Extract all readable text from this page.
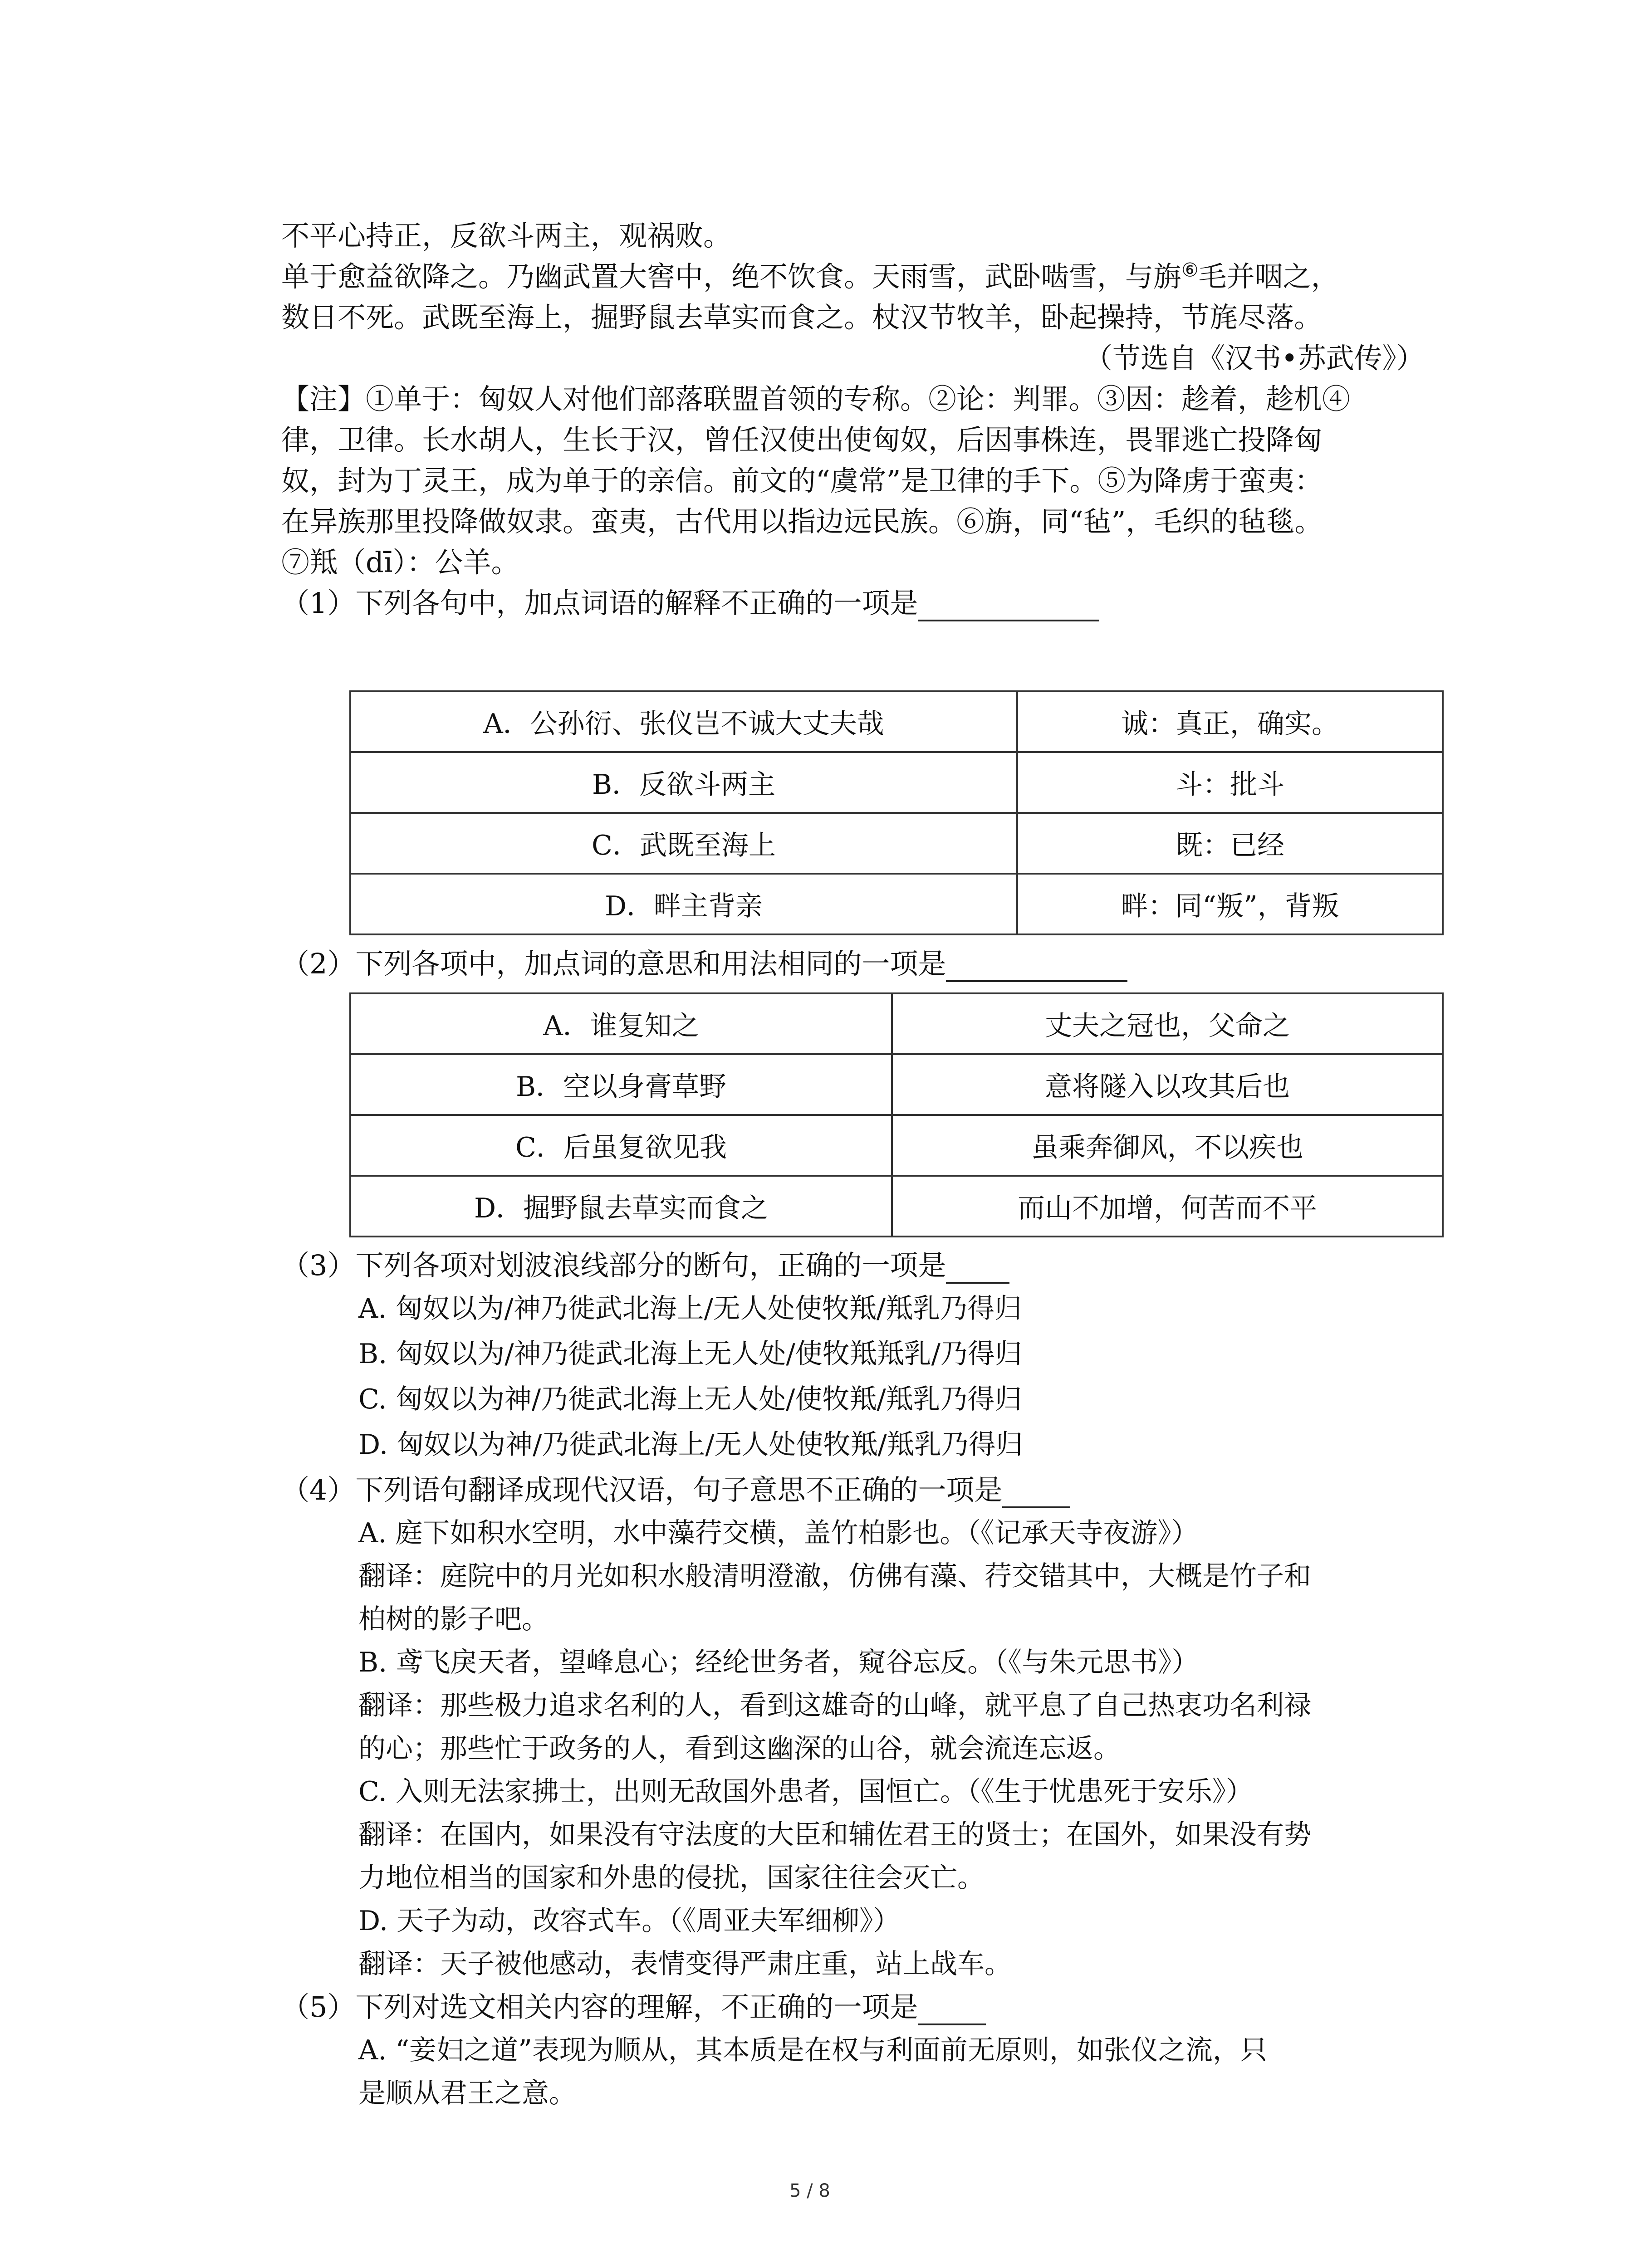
不平心持正，反欲斗两主，观祸败。
单于愈益欲降之。乃幽武置大窖中，绝不饮食。天雨雪，武卧啮雪，与旃⑥毛并咽之，
数日不死。武既至海上，掘野鼠去草实而食之。杖汉节牧羊，卧起操持，节旄尽落。
（节选自《汉书•苏武传》）
【注】①单于：匈奴人对他们部落联盟首领的专称。②论：判罪。③因：趁着，趁机④
律，卫律。长水胡人，生长于汉，曾任汉使出使匈奴，后因事株连，畏罪逃亡投降匈
奴，封为丁灵王，成为单于的亲信。前文的“虞常”是卫律的手下。⑤为降虏于蛮夷：
在异族那里投降做奴隶。蛮夷，古代用以指边远民族。⑥旃，同“毡”，毛织的毡毯。
⑦羝（dī）：公羊。
（1）下列各句中，加点词语的解释不正确的一项是
A．公孙衍、张仪岂不诚大丈夫哉	诚：真正，确实。
B．反欲斗两主	斗：批斗
C．武既至海上	既：已经
D．畔主背亲	畔：同“叛”，背叛
（2）下列各项中，加点词的意思和用法相同的一项是
A．谁复知之	丈夫之冠也，父命之
B．空以身膏草野	意将隧入以攻其后也
C．后虽复欲见我	虽乘奔御风，不以疾也
D．掘野鼠去草实而食之	而山不加增，何苦而不平
（3）下列各项对划波浪线部分的断句，正确的一项是
A. 匈奴以为/神乃徙武北海上/无人处使牧羝/羝乳乃得归
B. 匈奴以为/神乃徙武北海上无人处/使牧羝羝乳/乃得归
C. 匈奴以为神/乃徙武北海上无人处/使牧羝/羝乳乃得归
D. 匈奴以为神/乃徙武北海上/无人处使牧羝/羝乳乃得归
（4）下列语句翻译成现代汉语，句子意思不正确的一项是
A. 庭下如积水空明，水中藻荇交横，盖竹柏影也。（《记承天寺夜游》）
翻译：庭院中的月光如积水般清明澄澈，仿佛有藻、荇交错其中，大概是竹子和
柏树的影子吧。
B. 鸢飞戾天者，望峰息心；经纶世务者，窥谷忘反。（《与朱元思书》）
翻译：那些极力追求名利的人，看到这雄奇的山峰，就平息了自己热衷功名利禄
的心；那些忙于政务的人，看到这幽深的山谷，就会流连忘返。
C. 入则无法家拂士，出则无敌国外患者，国恒亡。（《生于忧患死于安乐》）
翻译：在国内，如果没有守法度的大臣和辅佐君王的贤士；在国外，如果没有势
力地位相当的国家和外患的侵扰，国家往往会灭亡。
D. 天子为动，改容式车。（《周亚夫军细柳》）
翻译：天子被他感动，表情变得严肃庄重，站上战车。
（5）下列对选文相关内容的理解，不正确的一项是
A. “妾妇之道”表现为顺从，其本质是在权与利面前无原则，如张仪之流，只
是顺从君王之意。
5 / 8
